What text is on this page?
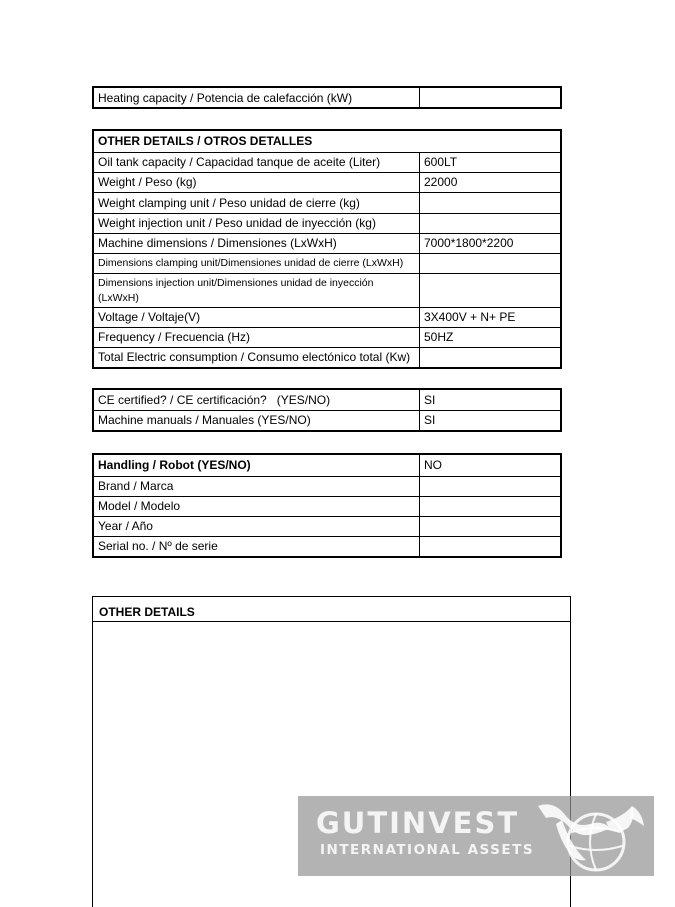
Heating capacity / Potencia de calefacción (kW)	
OTHER DETAILS / OTROS DETALLES	
Oil tank capacity / Capacidad tanque de aceite (Liter)	600LT
Weight / Peso (kg)	22000
Weight clamping unit / Peso unidad de cierre (kg)	
Weight injection unit / Peso unidad de inyección (kg)	
Machine dimensions / Dimensiones (LxWxH)	7000*1800*2200
Dimensions clamping unit/Dimensiones unidad de cierre (LxWxH)	
Dimensions injection unit/Dimensiones unidad de inyección (LxWxH)	
Voltage / Voltaje(V)	3X400V + N+ PE
Frequency / Frecuencia (Hz)	50HZ
Total Electric consumption / Consumo electónico total (Kw)	
CE certified? / CE certificación?   (YES/NO)	SI
Machine manuals / Manuales (YES/NO)	SI
Handling / Robot (YES/NO)	NO
Brand / Marca	
Model / Modelo	
Year / Año	
Serial no. / Nº de serie	
OTHER DETAILS
GUTINVEST
INTERNATIONAL ASSETS
